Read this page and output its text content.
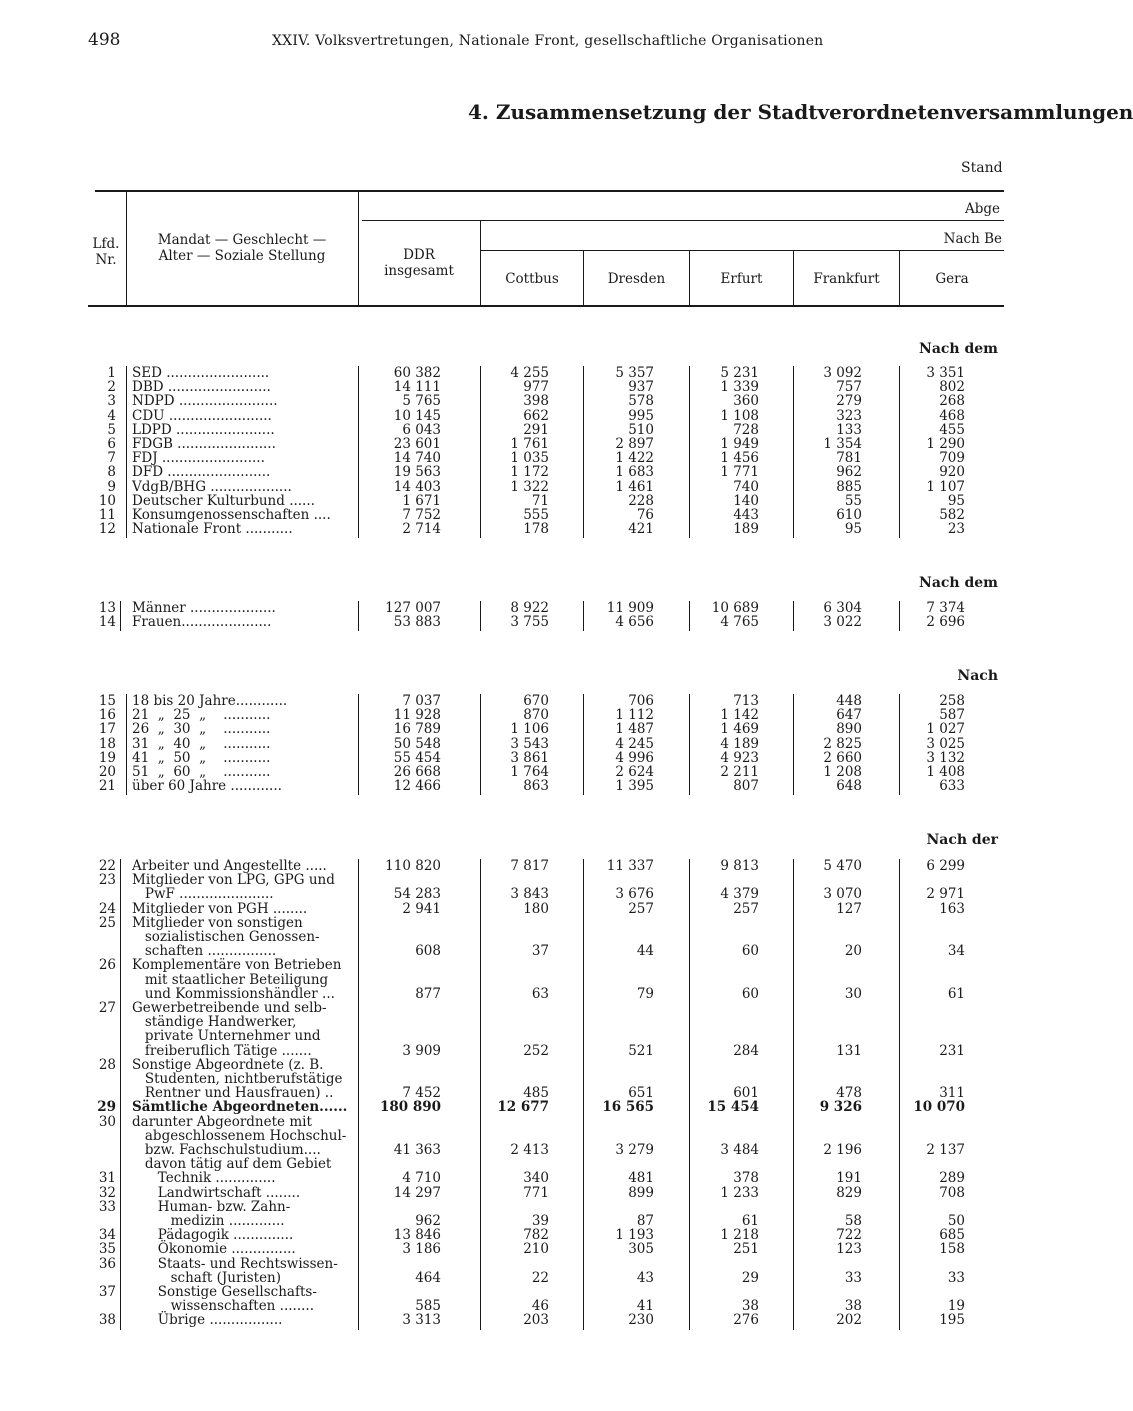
498	XXIV. Volksvertretungen, Nationale Front, gesellschaftliche Organisationen
4. Zusammensetzung der Stadtverordnetenversammlungen
Stand
Lfd.
Nr.
Mandat — Geschlecht —
Alter — Soziale Stellung	DDR
insgesamt
Abge
Nach Be
Cottbus	Dresden	Erfurt	Frankfurt	Gera
Nach dem
1 SED ........................	60 382	4 255	5 357	5 231	3 092	3 351
2 DBD ........................	14 111	977	937	1 339	757	802
3 NDPD .......................	5 765	398	578	360	279	268
4 CDU ........................	10 145	662	995	1 108	323	468
5 LDPD .......................	6 043	291	510	728	133	455
6 FDGB .......................	23 601	1 761	2 897	1 949	1 354	1 290
7 FDJ ........................	14 740	1 035	1 422	1 456	781	709
8 DFD ........................	19 563	1 172	1 683	1 771	962	920
9 VdgB/BHG ...................	14 403	1 322	1 461	740	885	1 107
10 Deutscher Kulturbund ......	1 671	71	228	140	55	95
11 Konsumgenossenschaften ....	7 752	555	76	443	610	582
12 Nationale Front ...........	2 714	178	421	189	95	23
Nach dem
13 Männer ....................	127 007	8 922	11 909	10 689	6 304	7 374
14 Frauen.....................	53 883	3 755	4 656	4 765	3 022	2 696
Nach
15 18 bis 20 Jahre............	7 037	670	706	713	448	258
16 21  „  25  „    ...........	11 928	870	1 112	1 142	647	587
17 26  „  30  „    ...........	16 789	1 106	1 487	1 469	890	1 027
18 31  „  40  „    ...........	50 548	3 543	4 245	4 189	2 825	3 025
19 41  „  50  „    ...........	55 454	3 861	4 996	4 923	2 660	3 132
20 51  „  60  „    ...........	26 668	1 764	2 624	2 211	1 208	1 408
21 über 60 Jahre ............	12 466	863	1 395	807	648	633
Nach der
22 Arbeiter und Angestellte .....	110 820	7 817	11 337	9 813	5 470	6 299
23 Mitglieder von LPG, GPG und
PwF ......................	54 283	3 843	3 676	4 379	3 070	2 971
24 Mitglieder von PGH ........	2 941	180	257	257	127	163
25 Mitglieder von sonstigen
sozialistischen Genossen-
schaften ................	608	37	44	60	20	34
26 Komplementäre von Betrieben
mit staatlicher Beteiligung
und Kommissionshändler ...	877	63	79	60	30	61
27 Gewerbetreibende und selb-
ständige Handwerker,
private Unternehmer und
freiberuflich Tätige .......	3 909	252	521	284	131	231
28 Sonstige Abgeordnete (z. B.
Studenten, nichtberufstätige
Rentner und Hausfrauen) ..	7 452	485	651	601	478	311
29 Sämtliche Abgeordneten...... 180 890	12 677	16 565	15 454	9 326	10 070
30 darunter Abgeordnete mit
abgeschlossenem Hochschul-
bzw. Fachschulstudium....
davon tätig auf dem Gebiet
41 363	2 413	3 279	3 484	2 196	2 137
31 Technik ..............	4 710	340	481	378	191	289
32 Landwirtschaft ........	14 297	771	899	1 233	829	708
33 Human- bzw. Zahn-
medizin .............	962	39	87	61	58	50
34 Pädagogik ..............	13 846	782	1 193	1 218	722	685
35 Ökonomie ...............	3 186	210	305	251	123	158
36 Staats- und Rechtswissen-
schaft (Juristen)	464	22	43	29	33	33
37 Sonstige Gesellschafts-
wissenschaften ........	585	46	41	38	38	19
38 Übrige .................	3 313	203	230	276	202	195
